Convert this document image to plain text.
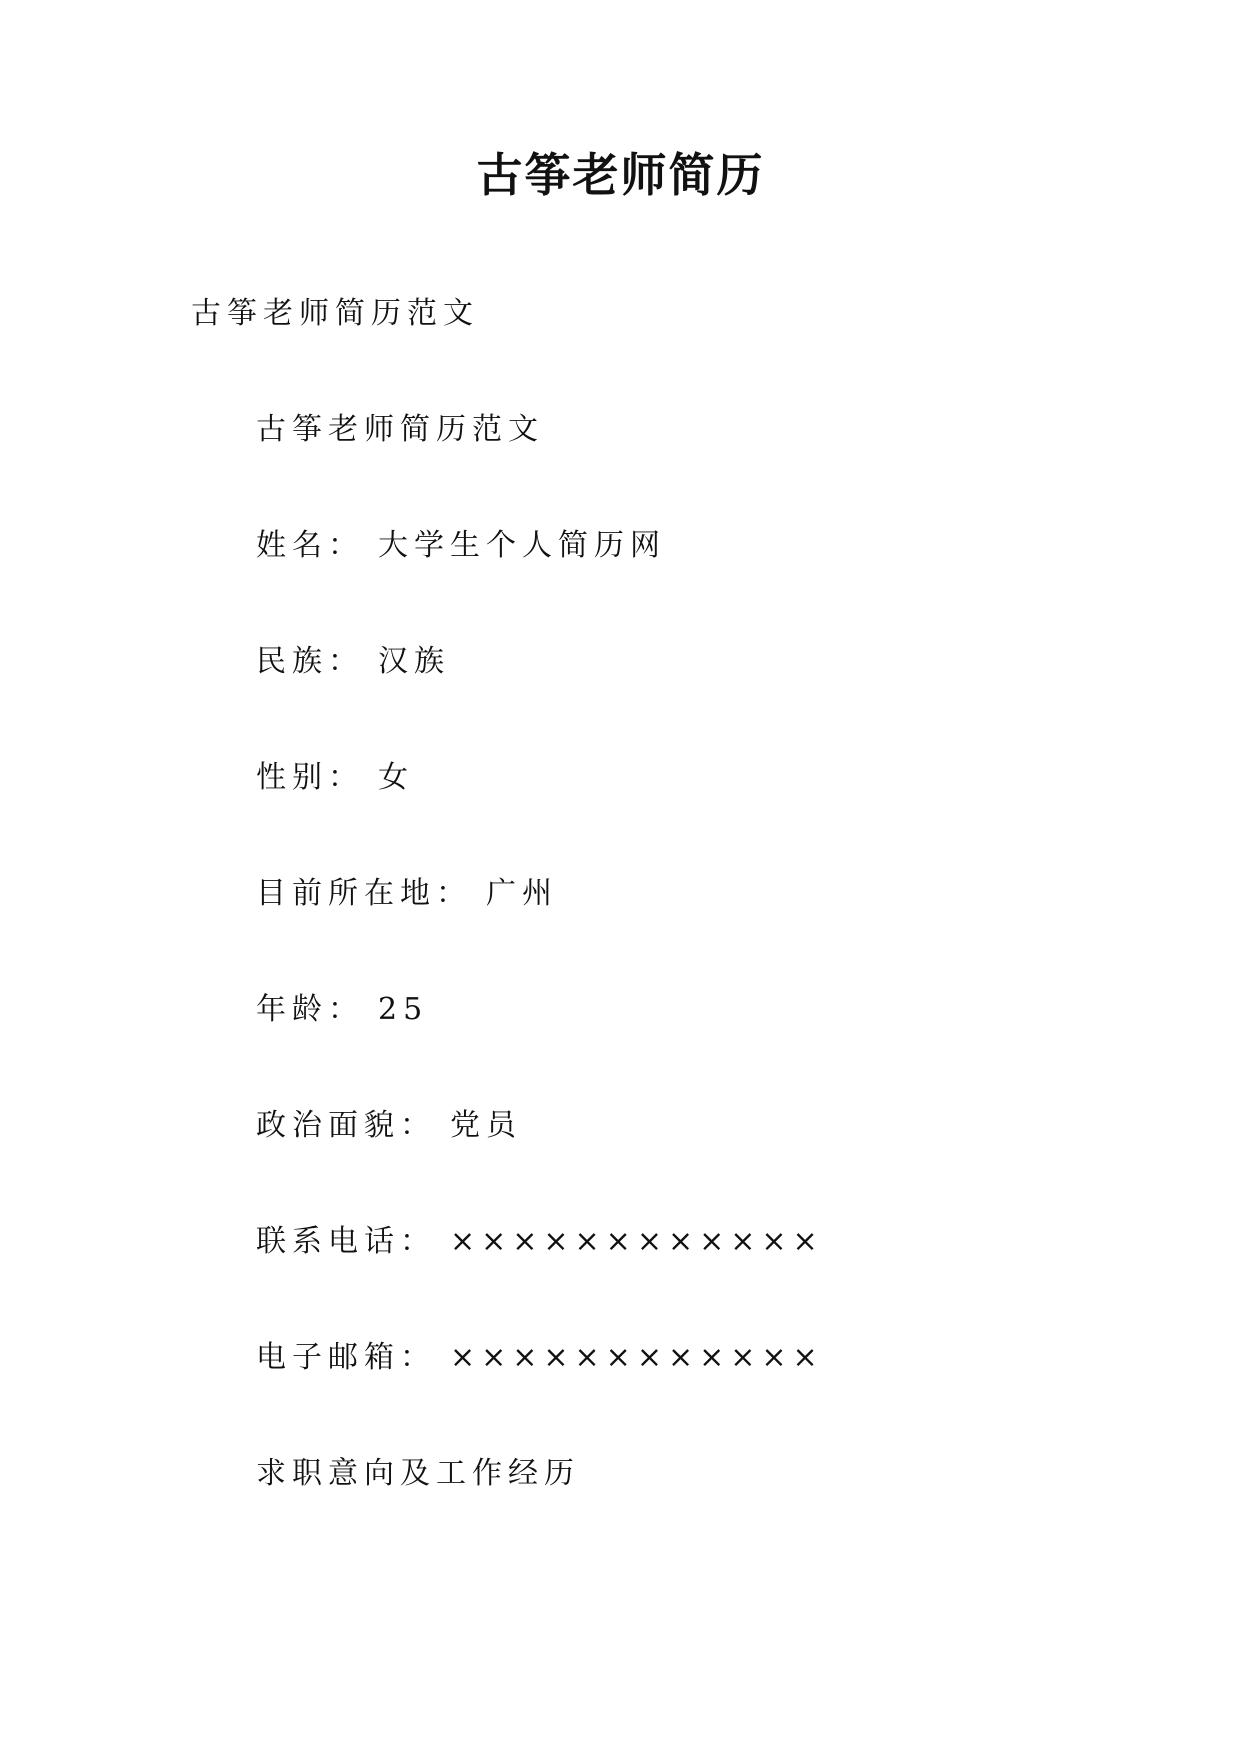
古筝老师简历
古筝老师简历范文
古筝老师简历范文
姓名： 大学生个人简历网
民族： 汉族
性别： 女
目前所在地： 广州
年龄： 25
政治面貌： 党员
联系电话： ××××××××××××
电子邮箱： ××××××××××××
求职意向及工作经历
